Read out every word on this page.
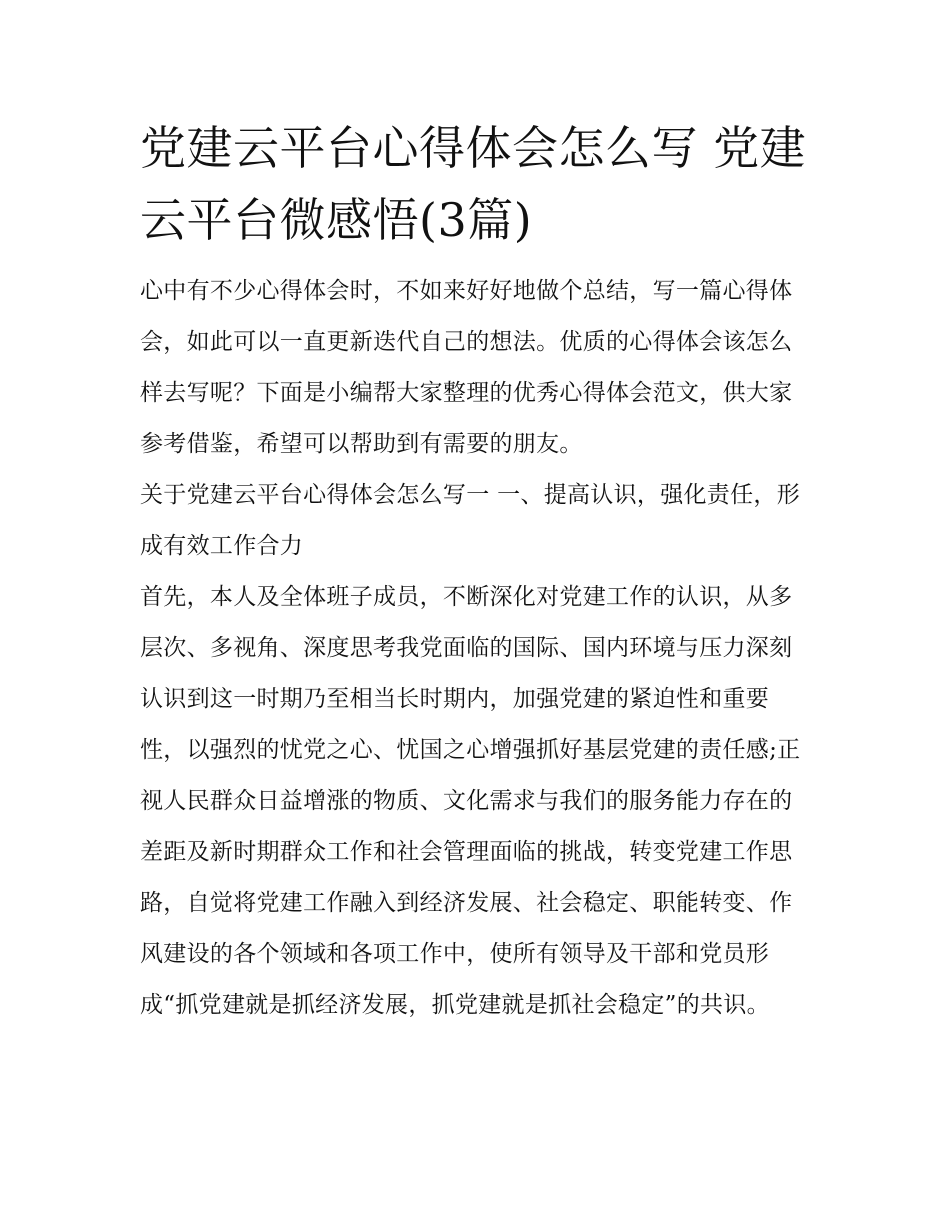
党建云平台心得体会怎么写 党建云平台微感悟(3篇)

心中有不少心得体会时，不如来好好地做个总结，写一篇心得体会，如此可以一直更新迭代自己的想法。优质的心得体会该怎么样去写呢？下面是小编帮大家整理的优秀心得体会范文，供大家参考借鉴，希望可以帮助到有需要的朋友。

关于党建云平台心得体会怎么写一 一、提高认识，强化责任，形成有效工作合力

首先，本人及全体班子成员，不断深化对党建工作的认识，从多层次、多视角、深度思考我党面临的国际、国内环境与压力深刻认识到这一时期乃至相当长时期内，加强党建的紧迫性和重要性，以强烈的忧党之心、忧国之心增强抓好基层党建的责任感;正视人民群众日益增涨的物质、文化需求与我们的服务能力存在的差距及新时期群众工作和社会管理面临的挑战，转变党建工作思路，自觉将党建工作融入到经济发展、社会稳定、职能转变、作风建设的各个领域和各项工作中，使所有领导及干部和党员形成“抓党建就是抓经济发展，抓党建就是抓社会稳定”的共识。
